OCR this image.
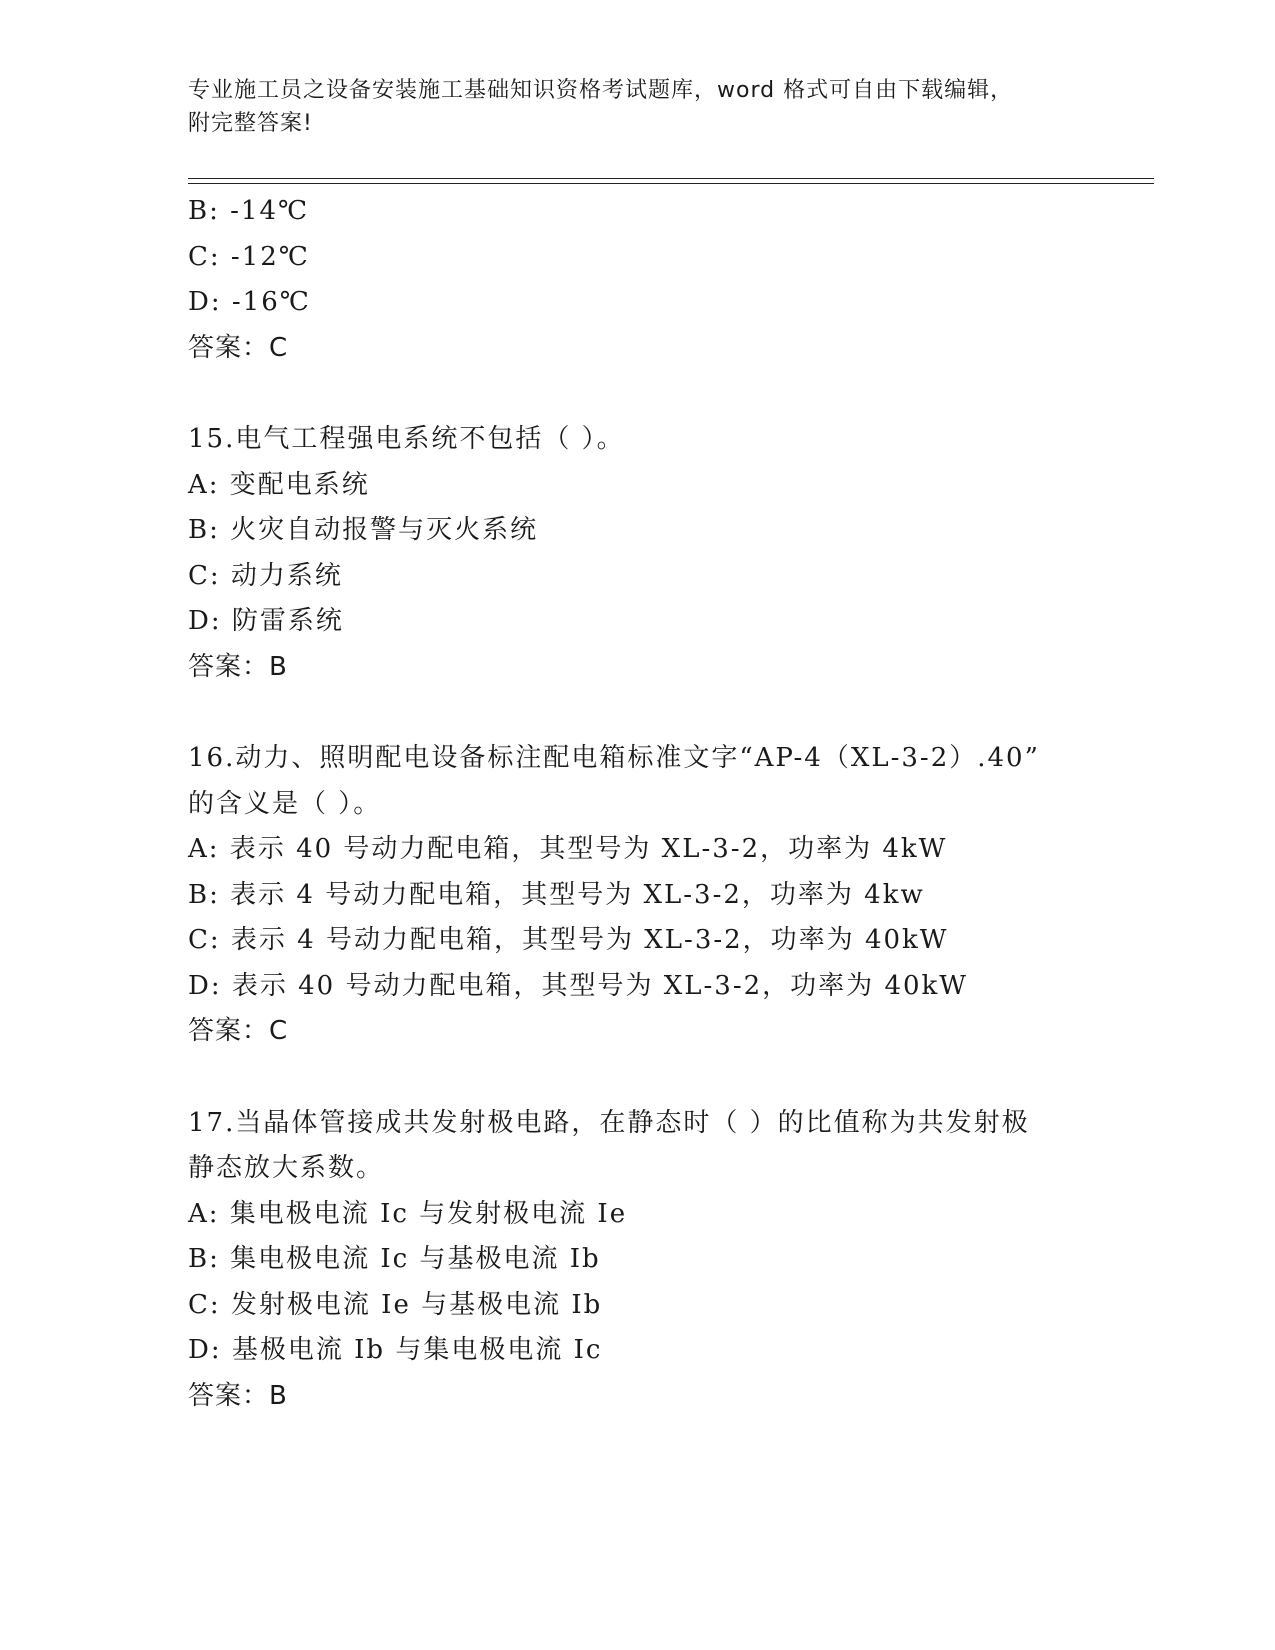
专业施工员之设备安装施工基础知识资格考试题库，word 格式可自由下载编辑，
附完整答案!
B: -14℃
C: -12℃
D: -16℃
答案：C
15.电气工程强电系统不包括（ ）。
A: 变配电系统
B: 火灾自动报警与灭火系统
C: 动力系统
D: 防雷系统
答案：B
16.动力、照明配电设备标注配电箱标准文字“AP-4（XL-3-2）.40”
的含义是（ ）。
A: 表示 40 号动力配电箱，其型号为 XL-3-2，功率为 4kW
B: 表示 4 号动力配电箱，其型号为 XL-3-2，功率为 4kw
C: 表示 4 号动力配电箱，其型号为 XL-3-2，功率为 40kW
D: 表示 40 号动力配电箱，其型号为 XL-3-2，功率为 40kW
答案：C
17.当晶体管接成共发射极电路，在静态时（ ）的比值称为共发射极
静态放大系数。
A: 集电极电流 Ic 与发射极电流 Ie
B: 集电极电流 Ic 与基极电流 Ib
C: 发射极电流 Ie 与基极电流 Ib
D: 基极电流 Ib 与集电极电流 Ic
答案：B
